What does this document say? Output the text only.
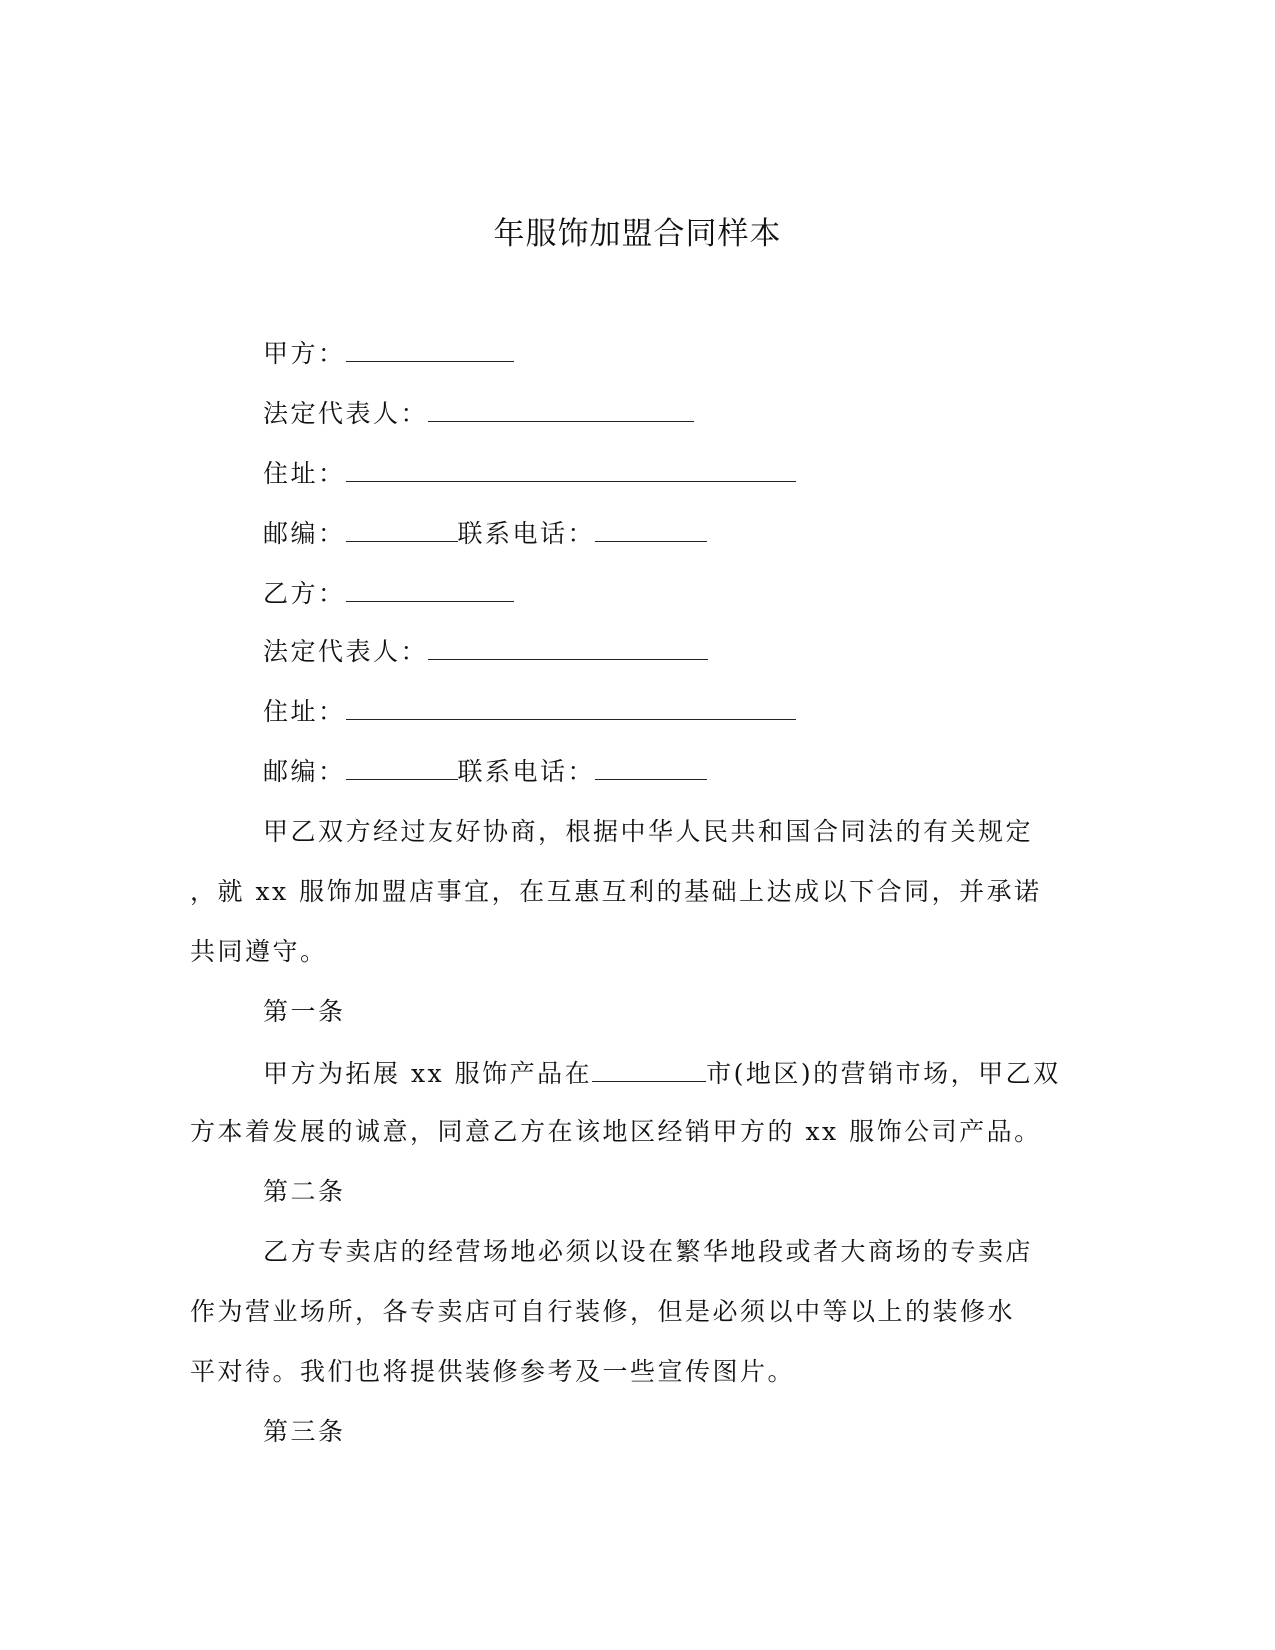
年服饰加盟合同样本
甲方：
法定代表人：
住址：
邮编：	联系电话：
乙方：
法定代表人：
住址：
邮编：	联系电话：
甲乙双方经过友好协商，根据中华人民共和国合同法的有关规定
，就 xx 服饰加盟店事宜，在互惠互利的基础上达成以下合同，并承诺
共同遵守。
第一条
甲方为拓展 xx 服饰产品在	市(地区)的营销市场，甲乙双
方本着发展的诚意，同意乙方在该地区经销甲方的 xx 服饰公司产品。
第二条
乙方专卖店的经营场地必须以设在繁华地段或者大商场的专卖店
作为营业场所，各专卖店可自行装修，但是必须以中等以上的装修水
平对待。我们也将提供装修参考及一些宣传图片。
第三条
